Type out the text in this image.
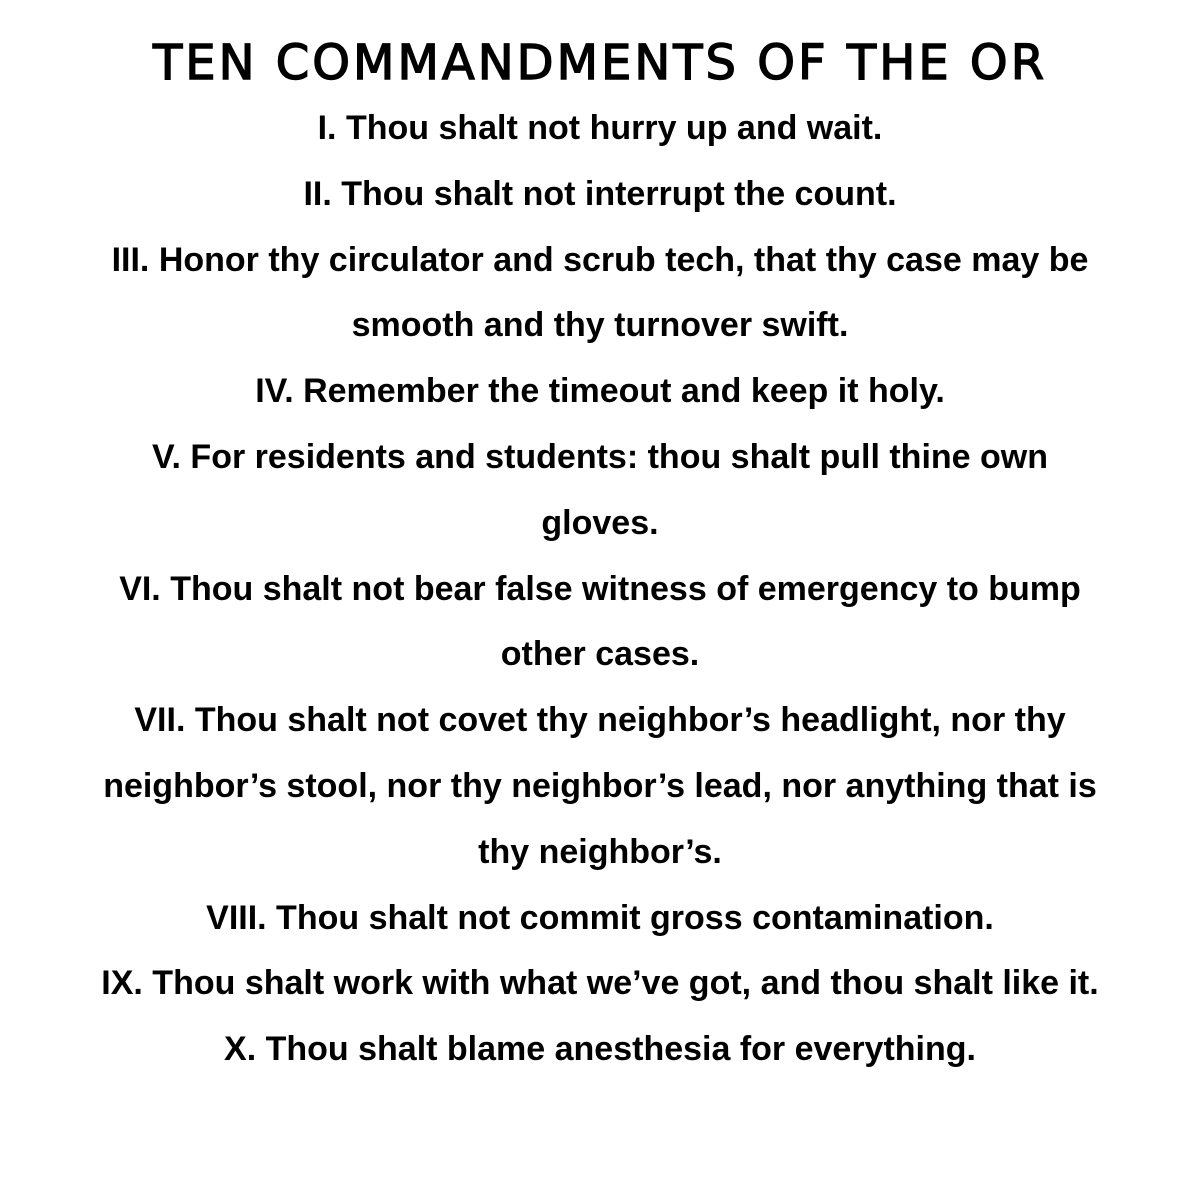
TEN COMMANDMENTS OF THE OR
I. Thou shalt not hurry up and wait.
II. Thou shalt not interrupt the count.
III. Honor thy circulator and scrub tech, that thy case may be smooth and thy turnover swift.
IV. Remember the timeout and keep it holy.
V. For residents and students: thou shalt pull thine own gloves.
VI. Thou shalt not bear false witness of emergency to bump other cases.
VII. Thou shalt not covet thy neighbor’s headlight, nor thy neighbor’s stool, nor thy neighbor’s lead, nor anything that is thy neighbor’s.
VIII. Thou shalt not commit gross contamination.
IX. Thou shalt work with what we’ve got, and thou shalt like it.
X. Thou shalt blame anesthesia for everything.
